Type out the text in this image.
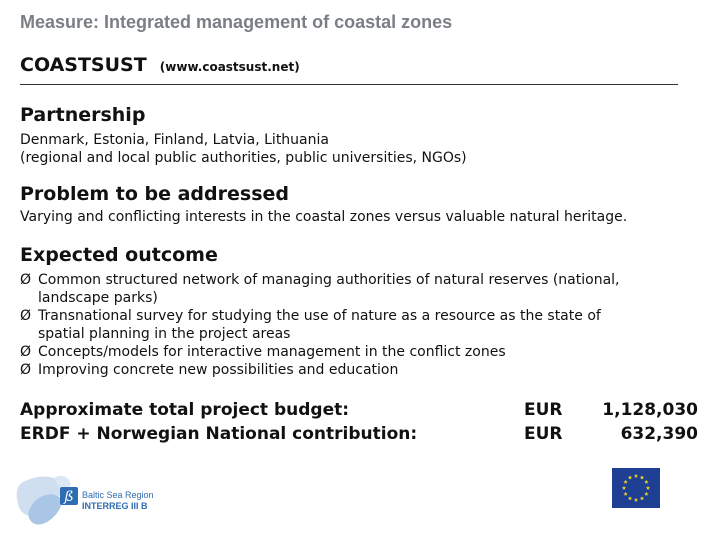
Measure: Integrated management of coastal zones
COASTSUST (www.coastsust.net)
Partnership
Denmark, Estonia, Finland, Latvia, Lithuania
(regional and local public authorities, public universities, NGOs)
Problem to be addressed
Varying and conflicting interests in the coastal zones versus valuable natural heritage.
Expected outcome
Ø Common structured network of managing authorities of natural reserves (national,
landscape parks)
Ø Transnational survey for studying the use of nature as a resource as the state of
spatial planning in the project areas
Ø Concepts/models for interactive management in the conflict zones
Ø Improving concrete new possibilities and education
Approximate total project budget:
ERDF + Norwegian National contribution:
EUR	1,128,030
EUR	632,390
ß Baltic Sea Region
INTERREG III B
